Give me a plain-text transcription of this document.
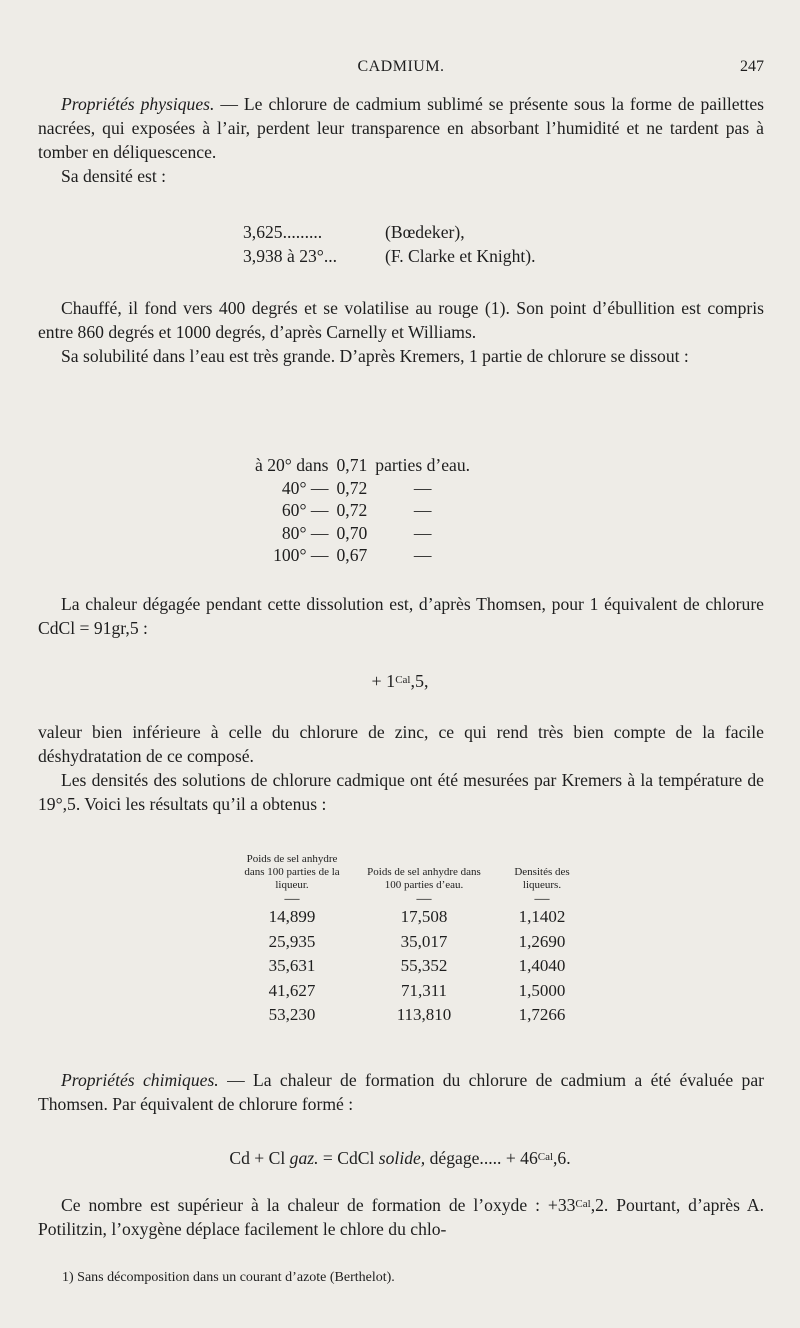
CADMIUM.	247

Propriétés physiques. — Le chlorure de cadmium sublimé se présente sous la forme de paillettes nacrées, qui exposées à l’air, perdent leur transparence en absorbant l’humidité et ne tardent pas à tomber en déliquescence.

Sa densité est :

3,625.........	(Bœdeker),
3,938 à 23°...	(F. Clarke et Knight).

Chauffé, il fond vers 400 degrés et se volatilise au rouge (1). Son point d’ébullition est compris entre 860 degrés et 1000 degrés, d’après Carnelly et Williams.

Sa solubilité dans l’eau est très grande. D’après Kremers, 1 partie de chlorure se dissout :

à 20° dans	0,71	parties d’eau.
40° —	0,72	—
60° —	0,72	—
80° —	0,70	—
100° —	0,67	—

La chaleur dégagée pendant cette dissolution est, d’après Thomsen, pour 1 équivalent de chlorure CdCl = 91gr,5 :

+ $1^{Cal},5$,

valeur bien inférieure à celle du chlorure de zinc, ce qui rend très bien compte de la facile déshydratation de ce composé.

Les densités des solutions de chlorure cadmique ont été mesurées par Kremers à la température de 19°,5. Voici les résultats qu’il a obtenus :

Poids de sel anhydre dans 100 parties de la liqueur.	Poids de sel anhydre dans 100 parties d’eau.	Densités des liqueurs.
—	—	—
14,899	17,508	1,1402
25,935	35,017	1,2690
35,631	55,352	1,4040
41,627	71,311	1,5000
53,230	113,810	1,7266

Propriétés chimiques. — La chaleur de formation du chlorure de cadmium a été évaluée par Thomsen. Par équivalent de chlorure formé :

Cd + Cl gaz. = CdCl solide, dégage..... + $46^{Cal},6$.

Ce nombre est supérieur à la chaleur de formation de l’oxyde : $+33^{Cal},2$. Pourtant, d’après A. Potilitzin, l’oxygène déplace facilement le chlore du chlo-

1) Sans décomposition dans un courant d’azote (Berthelot).
